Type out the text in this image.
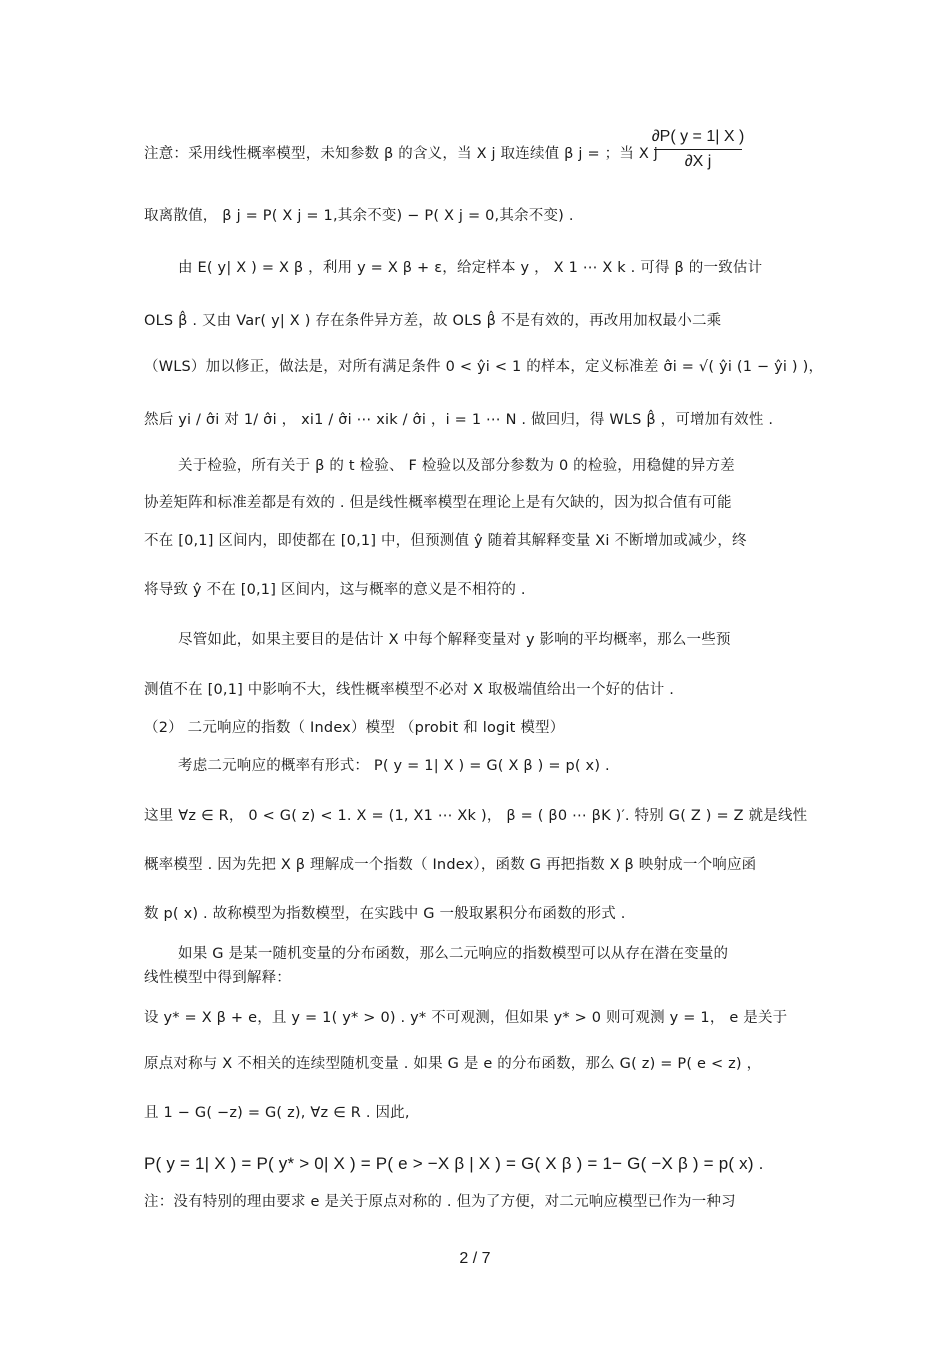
注意：采用线性概率模型，未知参数 β 的含义，当 X j 取连续值 β j = ；当 X j
∂P( y = 1| X )
∂X j
取离散值， β j = P( X j = 1,其余不变) − P( X j = 0,其余不变) .
由 E( y| X ) = X β ，利用 y = X β + ε，给定样本 y ， X 1 ⋯ X k . 可得 β 的一致估计
OLS β̂ . 又由 Var( y| X ) 存在条件异方差，故 OLS β̂ 不是有效的，再改用加权最小二乘
（WLS）加以修正，做法是，对所有满足条件 0 < ŷi < 1 的样本，定义标准差 σ̂i = √( ŷi (1 − ŷi ) )，
然后 yi / σ̂i 对 1/ σ̂i ， xi1 / σ̂i ⋯ xik / σ̂i ，i = 1 ⋯ N . 做回归，得 WLS β̂ ，可增加有效性 .
关于检验，所有关于 β 的 t 检验、 F 检验以及部分参数为 0 的检验，用稳健的异方差
协差矩阵和标准差都是有效的 . 但是线性概率模型在理论上是有欠缺的，因为拟合值有可能
不在 [0,1] 区间内，即使都在 [0,1] 中，但预测值 ŷ 随着其解释变量 Xi 不断增加或减少，终
将导致 ŷ 不在 [0,1] 区间内，这与概率的意义是不相符的 .
尽管如此，如果主要目的是估计 X 中每个解释变量对 y 影响的平均概率，那么一些预
测值不在 [0,1] 中影响不大，线性概率模型不必对 X 取极端值给出一个好的估计 .
（2） 二元响应的指数（ Index）模型 （probit 和 logit 模型）
考虑二元响应的概率有形式： P( y = 1| X ) = G( X β ) = p( x) .
这里 ∀z ∈ R， 0 < G( z) < 1. X = (1, X1 ⋯ Xk )， β = ( β0 ⋯ βK )′. 特别 G( Z ) = Z 就是线性
概率模型 . 因为先把 X β 理解成一个指数（ Index），函数 G 再把指数 X β 映射成一个响应函
数 p( x) . 故称模型为指数模型，在实践中 G 一般取累积分布函数的形式 .
如果 G 是某一随机变量的分布函数，那么二元响应的指数模型可以从存在潜在变量的
线性模型中得到解释：
设 y* = X β + e，且 y = 1( y* > 0) . y* 不可观测，但如果 y* > 0 则可观测 y = 1， e 是关于
原点对称与 X 不相关的连续型随机变量 . 如果 G 是 e 的分布函数，那么 G( z) = P( e < z) ，
且 1 − G( −z) = G( z), ∀z ∈ R . 因此,
P( y = 1| X ) = P( y* > 0| X ) = P( e > −X β | X ) = G( X β ) = 1− G( −X β ) = p( x) .
注：没有特别的理由要求 e 是关于原点对称的 . 但为了方便，对二元响应模型已作为一种习
2 / 7
